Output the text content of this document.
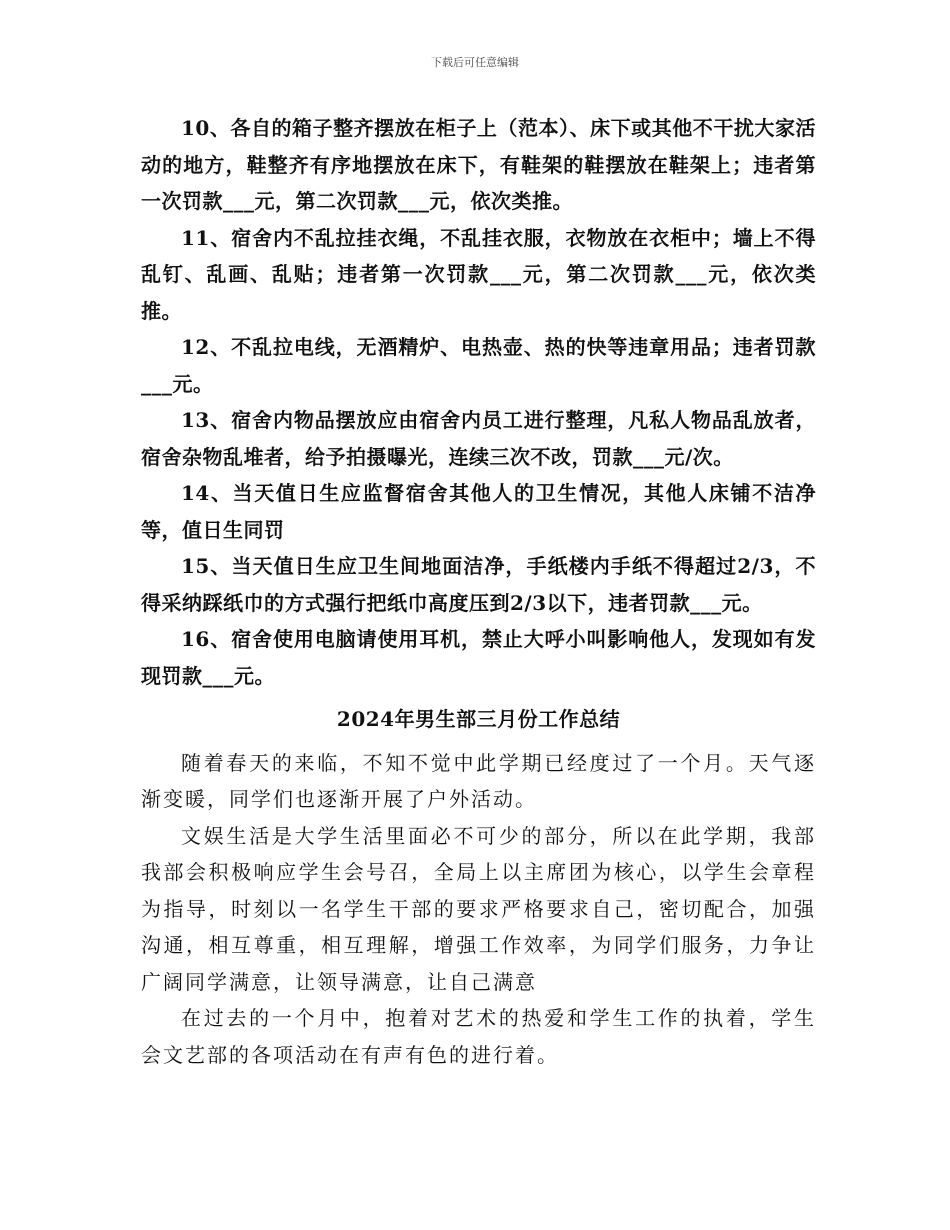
下载后可任意编辑

10、各自的箱子整齐摆放在柜子上（范本）、床下或其他不干扰大家活动的地方，鞋整齐有序地摆放在床下，有鞋架的鞋摆放在鞋架上；违者第一次罚款___元，第二次罚款___元，依次类推。

11、宿舍内不乱拉挂衣绳，不乱挂衣服，衣物放在衣柜中；墙上不得乱钉、乱画、乱贴；违者第一次罚款___元，第二次罚款___元，依次类推。

12、不乱拉电线，无酒精炉、电热壶、热的快等违章用品；违者罚款___元。

13、宿舍内物品摆放应由宿舍内员工进行整理，凡私人物品乱放者，宿舍杂物乱堆者，给予拍摄曝光，连续三次不改，罚款___元/次。

14、当天值日生应监督宿舍其他人的卫生情况，其他人床铺不洁净等，值日生同罚

15、当天值日生应卫生间地面洁净，手纸楼内手纸不得超过2/3，不得采纳踩纸巾的方式强行把纸巾高度压到2/3以下，违者罚款___元。

16、宿舍使用电脑请使用耳机，禁止大呼小叫影响他人，发现如有发现罚款___元。

2024年男生部三月份工作总结

随着春天的来临，不知不觉中此学期已经度过了一个月。天气逐渐变暖，同学们也逐渐开展了户外活动。

文娱生活是大学生活里面必不可少的部分，所以在此学期，我部我部会积极响应学生会号召，全局上以主席团为核心，以学生会章程为指导，时刻以一名学生干部的要求严格要求自己，密切配合，加强沟通，相互尊重，相互理解，增强工作效率，为同学们服务，力争让广阔同学满意，让领导满意，让自己满意

在过去的一个月中，抱着对艺术的热爱和学生工作的执着，学生会文艺部的各项活动在有声有色的进行着。
